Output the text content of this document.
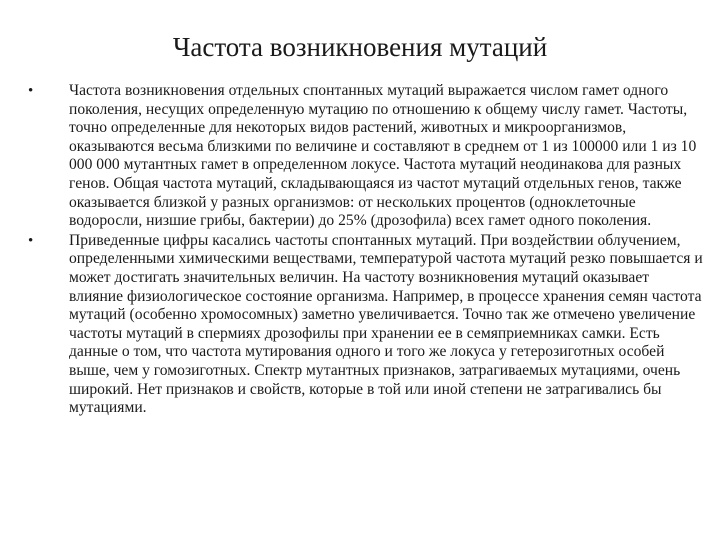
Частота возникновения мутаций
• Частота возникновения отдельных спонтанных мутаций выражается числом гамет одного поколения, несущих определенную мутацию по отношению к общему числу гамет. Частоты, точно определенные для некоторых видов растений, животных и микроорганизмов, оказываются весьма близкими по величине и составляют в среднем от 1 из 100000 или 1 из 10 000 000 мутантных гамет в определенном локусе. Частота мутаций неодинакова для разных генов. Общая частота мутаций, складывающаяся из частот мутаций отдельных генов, также оказывается близкой у разных организмов: от нескольких процентов (одноклеточные водоросли, низшие грибы, бактерии) до 25% (дрозофила) всех гамет одного поколения.
• Приведенные цифры касались частоты спонтанных мутаций. При воздействии облучением, определенными химическими веществами, температурой частота мутаций резко повышается и может достигать значительных величин. На частоту возникновения мутаций оказывает влияние физиологическое состояние организма. Например, в процессе хранения семян частота мутаций (особенно хромосомных) заметно увеличивается. Точно так же отмечено увеличение частоты мутаций в спермиях дрозофилы при хранении ее в семяприемниках самки. Есть данные о том, что частота мутирования одного и того же локуса у гетерозиготных особей выше, чем у гомозиготных. Спектр мутантных признаков, затрагиваемых мутациями, очень широкий. Нет признаков и свойств, которые в той или иной степени не затрагивались бы мутациями.
